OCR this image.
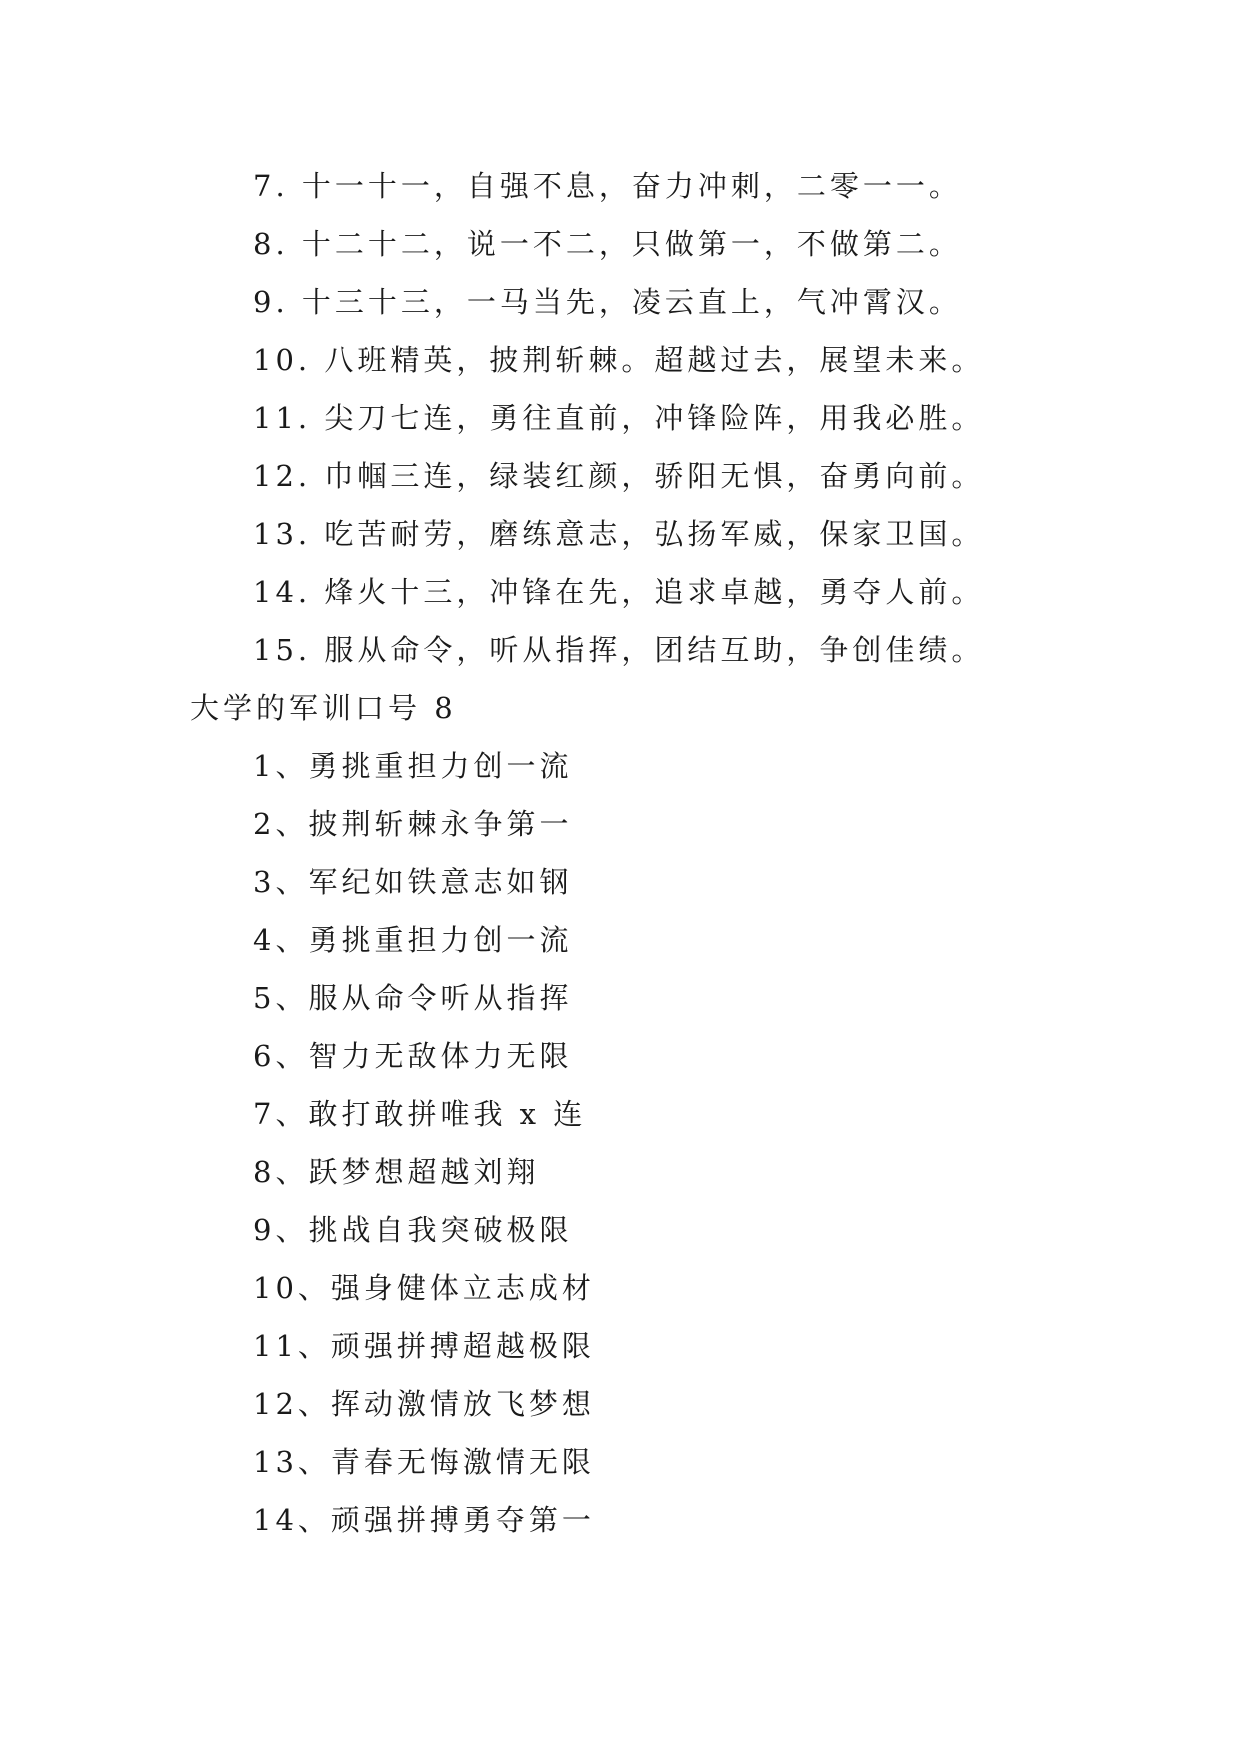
7. 十一十一，自强不息，奋力冲刺，二零一一。
8. 十二十二，说一不二，只做第一，不做第二。
9. 十三十三，一马当先，凌云直上，气冲霄汉。
10. 八班精英，披荆斩棘。超越过去，展望未来。
11. 尖刀七连，勇往直前，冲锋险阵，用我必胜。
12. 巾帼三连，绿装红颜，骄阳无惧，奋勇向前。
13. 吃苦耐劳，磨练意志，弘扬军威，保家卫国。
14. 烽火十三，冲锋在先，追求卓越，勇夺人前。
15. 服从命令，听从指挥，团结互助，争创佳绩。
大学的军训口号 8
1、勇挑重担力创一流
2、披荆斩棘永争第一
3、军纪如铁意志如钢
4、勇挑重担力创一流
5、服从命令听从指挥
6、智力无敌体力无限
7、敢打敢拼唯我 x 连
8、跃梦想超越刘翔
9、挑战自我突破极限
10、强身健体立志成材
11、顽强拼搏超越极限
12、挥动激情放飞梦想
13、青春无悔激情无限
14、顽强拼搏勇夺第一
